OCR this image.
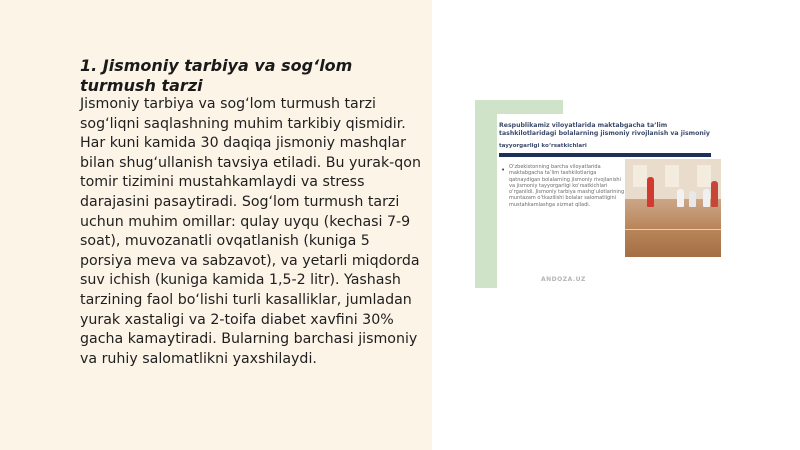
1. Jismoniy tarbiya va sog‘lom turmush tarzi

Jismoniy tarbiya va sog‘lom turmush tarzi sog‘liqni saqlashning muhim tarkibiy qismidir. Har kuni kamida 30 daqiqa jismoniy mashqlar bilan shug‘ullanish tavsiya etiladi. Bu yurak-qon tomir tizimini mustahkamlaydi va stress darajasini pasaytiradi. Sog‘lom turmush tarzi uchun muhim omillar: qulay uyqu (kechasi 7-9 soat), muvozanatli ovqatlanish (kuniga 5 porsiya meva va sabzavot), va yetarli miqdorda suv ichish (kuniga kamida 1,5-2 litr). Yashash tarzining faol bo‘lishi turli kasalliklar, jumladan yurak xastaligi va 2-toifa diabet xavfini 30% gacha kamaytiradi. Bularning barchasi jismoniy va ruhiy salomatlikni yaxshilaydi.

Respublikamiz viloyatlarida maktabgacha ta’lim tashkilotlaridagi bolalarning jismoniy rivojlanish va jismoniy

tayyorgarligi ko‘rsatkichlari

• O‘zbekistonning barcha viloyatlarida maktabgacha ta’lim tashkilotlariga qatnaydigan bolalarning jismoniy rivojlanishi va jismoniy tayyorgarligi ko‘rsatkichlari o‘rganildi. Jismoniy tarbiya mashg‘ulotlarining muntazam o‘tkazilishi bolalar salomatligini mustahkamlashga xizmat qiladi.

ANDOZA.UZ
